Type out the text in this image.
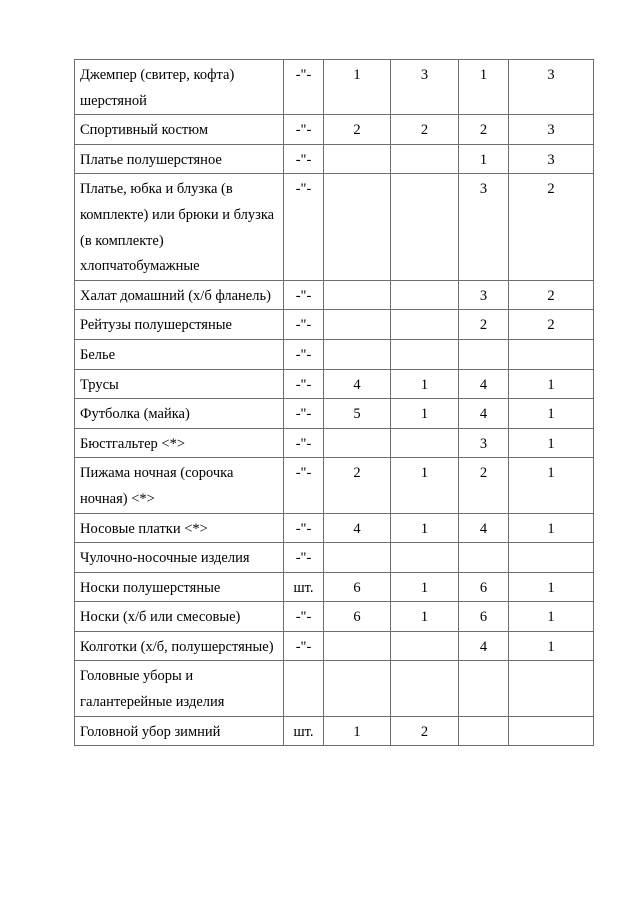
Джемпер (свитер, кофта) шерстяной	-"-	1	3	1	3
Спортивный костюм	-"-	2	2	2	3
Платье полушерстяное	-"-			1	3
Платье, юбка и блузка (в комплекте) или брюки и блузка (в комплекте) хлопчатобумажные	-"-			3	2
Халат домашний (х/б фланель)	-"-			3	2
Рейтузы полушерстяные	-"-			2	2
Белье	-"-				
Трусы	-"-	4	1	4	1
Футболка (майка)	-"-	5	1	4	1
Бюстгальтер <*>	-"-			3	1
Пижама ночная (сорочка ночная) <*>	-"-	2	1	2	1
Носовые платки <*>	-"-	4	1	4	1
Чулочно-носочные изделия	-"-				
Носки полушерстяные	шт.	6	1	6	1
Носки (х/б или смесовые)	-"-	6	1	6	1
Колготки (х/б, полушерстяные)	-"-			4	1
Головные уборы и галантерейные изделия					
Головной убор зимний	шт.	1	2		
